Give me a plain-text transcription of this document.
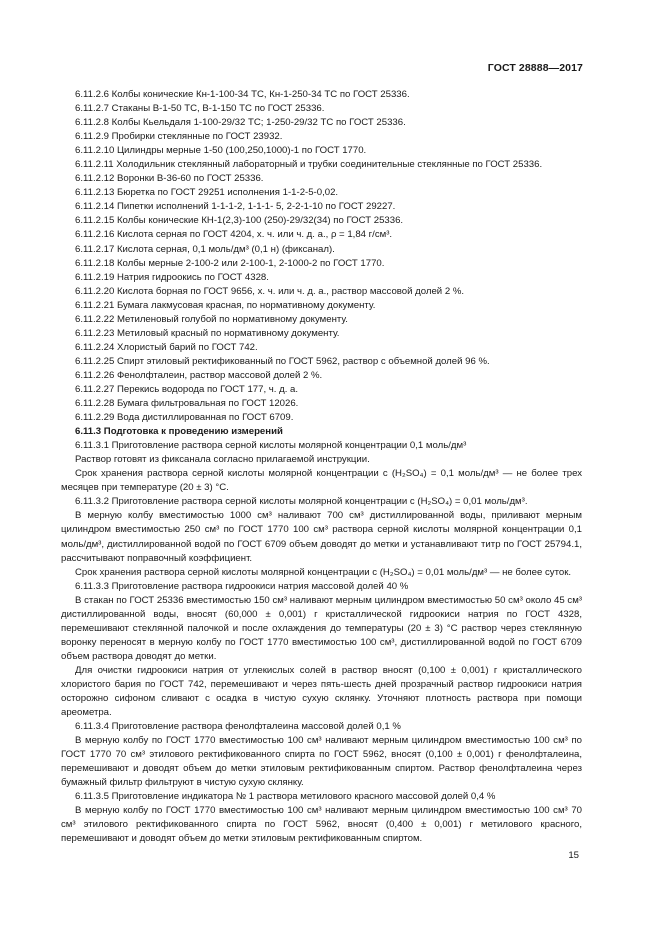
ГОСТ 28888—2017

6.11.2.6 Колбы конические Кн-1-100-34 ТС, Кн-1-250-34 ТС по ГОСТ 25336.

6.11.2.7 Стаканы В-1-50 ТС, В-1-150 ТС по ГОСТ 25336.

6.11.2.8 Колбы Кьельдаля 1-100-29/32 ТС; 1-250-29/32 ТС по ГОСТ 25336.

6.11.2.9 Пробирки стеклянные по ГОСТ 23932.

6.11.2.10 Цилиндры мерные 1-50 (100,250,1000)-1 по ГОСТ 1770.

6.11.2.11 Холодильник стеклянный лабораторный и трубки соединительные стеклянные по ГОСТ 25336.

6.11.2.12 Воронки В-36-60 по ГОСТ 25336.

6.11.2.13 Бюретка по ГОСТ 29251 исполнения 1-1-2-5-0,02.

6.11.2.14 Пипетки исполнений 1-1-1-2, 1-1-1- 5, 2-2-1-10 по ГОСТ 29227.

6.11.2.15 Колбы конические КН-1(2,3)-100 (250)-29/32(34) по ГОСТ 25336.

6.11.2.16 Кислота серная по ГОСТ 4204, х. ч. или ч. д. а., ρ = 1,84 г/см³.

6.11.2.17 Кислота серная, 0,1 моль/дм³ (0,1 н) (фиксанал).

6.11.2.18 Колбы мерные 2-100-2 или 2-100-1, 2-1000-2 по ГОСТ 1770.

6.11.2.19 Натрия гидроокись по ГОСТ 4328.

6.11.2.20 Кислота борная по ГОСТ 9656, х. ч. или ч. д. а., раствор массовой долей 2 %.

6.11.2.21 Бумага лакмусовая красная, по нормативному документу.

6.11.2.22 Метиленовый голубой по нормативному документу.

6.11.2.23 Метиловый красный по нормативному документу.

6.11.2.24 Хлористый барий по ГОСТ 742.

6.11.2.25 Спирт этиловый ректификованный по ГОСТ 5962, раствор с объемной долей 96 %.

6.11.2.26 Фенолфталеин, раствор массовой долей 2 %.

6.11.2.27 Перекись водорода по ГОСТ 177, ч. д. а.

6.11.2.28 Бумага фильтровальная по ГОСТ 12026.

6.11.2.29 Вода дистиллированная по ГОСТ 6709.

6.11.3 Подготовка к проведению измерений

6.11.3.1 Приготовление раствора серной кислоты молярной концентрации 0,1 моль/дм³

Раствор готовят из фиксанала согласно прилагаемой инструкции.

Срок хранения раствора серной кислоты молярной концентрации с (H₂SO₄) = 0,1 моль/дм³ — не более трех месяцев при температуре (20 ± 3) °С.

6.11.3.2 Приготовление раствора серной кислоты молярной концентрации с (H₂SO₄) = 0,01 моль/дм³.

В мерную колбу вместимостью 1000 см³ наливают 700 см³ дистиллированной воды, приливают мерным цилиндром вместимостью 250 см³ по ГОСТ 1770 100 см³ раствора серной кислоты молярной концентрации 0,1 моль/дм³, дистиллированной водой по ГОСТ 6709 объем доводят до метки и устанавливают титр по ГОСТ 25794.1, рассчитывают поправочный коэффициент.

Срок хранения раствора серной кислоты молярной концентрации с (H₂SO₄) = 0,01 моль/дм³ — не более суток.

6.11.3.3 Приготовление раствора гидроокиси натрия массовой долей 40 %

В стакан по ГОСТ 25336 вместимостью 150 см³ наливают мерным цилиндром вместимостью 50 см³ около 45 см³ дистиллированной воды, вносят (60,000 ± 0,001) г кристаллической гидроокиси натрия по ГОСТ 4328, перемешивают стеклянной палочкой и после охлаждения до температуры (20 ± 3) °С раствор через стеклянную воронку переносят в мерную колбу по ГОСТ 1770 вместимостью 100 см³, дистиллированной водой по ГОСТ 6709 объем раствора доводят до метки.

Для очистки гидроокиси натрия от углекислых солей в раствор вносят (0,100 ± 0,001) г кристаллического хлористого бария по ГОСТ 742, перемешивают и через пять-шесть дней прозрачный раствор гидроокиси натрия осторожно сифоном сливают с осадка в чистую сухую склянку. Уточняют плотность раствора при помощи ареометра.

6.11.3.4 Приготовление раствора фенолфталеина массовой долей 0,1 %

В мерную колбу по ГОСТ 1770 вместимостью 100 см³ наливают мерным цилиндром вместимостью 100 см³ по ГОСТ 1770 70 см³ этилового ректификованного спирта по ГОСТ 5962, вносят (0,100 ± 0,001) г фенолфталеина, перемешивают и доводят объем до метки этиловым ректификованным спиртом. Раствор фенолфталеина через бумажный фильтр фильтруют в чистую сухую склянку.

6.11.3.5 Приготовление индикатора № 1 раствора метилового красного массовой долей 0,4 %

В мерную колбу по ГОСТ 1770 вместимостью 100 см³ наливают мерным цилиндром вместимостью 100 см³ 70 см³ этилового ректификованного спирта по ГОСТ 5962, вносят (0,400 ± 0,001) г метилового красного, перемешивают и доводят объем до метки этиловым ректификованным спиртом.

15
